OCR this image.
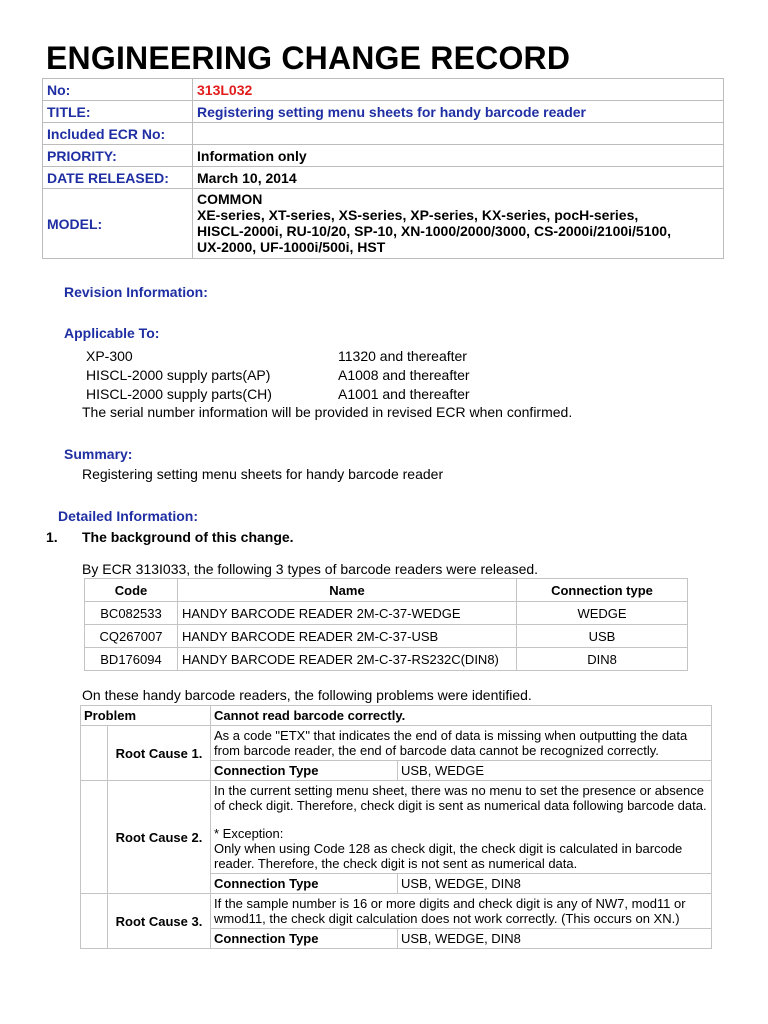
ENGINEERING CHANGE RECORD
No:	313L032
TITLE:	Registering setting menu sheets for handy barcode reader
Included ECR No:	
PRIORITY:	Information only
DATE RELEASED:	March 10, 2014
MODEL:	COMMON
XE-series, XT-series, XS-series, XP-series, KX-series, pocH-series,
HISCL-2000i, RU-10/20, SP-10, XN-1000/2000/3000, CS-2000i/2100i/5100,
UX-2000, UF-1000i/500i, HST
Revision Information:
Applicable To:
XP-300	11320 and thereafter
HISCL-2000 supply parts(AP)	A1008 and thereafter
HISCL-2000 supply parts(CH)	A1001 and thereafter
The serial number information will be provided in revised ECR when confirmed.
Summary:
Registering setting menu sheets for handy barcode reader
Detailed Information:
1. The background of this change.
By ECR 313I033, the following 3 types of barcode readers were released.
Code	Name	Connection type
BC082533	HANDY BARCODE READER 2M-C-37-WEDGE	WEDGE
CQ267007	HANDY BARCODE READER 2M-C-37-USB	USB
BD176094	HANDY BARCODE READER 2M-C-37-RS232C(DIN8)	DIN8
On these handy barcode readers, the following problems were identified.
Problem		Cannot read barcode correctly.	
	Root Cause 1.	As a code "ETX" that indicates the end of data is missing when outputting the data from barcode reader, the end of barcode data cannot be recognized correctly.	
		Connection Type	USB, WEDGE
	Root Cause 2.	In the current setting menu sheet, there was no menu to set the presence or absence of check digit. Therefore, check digit is sent as numerical data following barcode data.
* Exception:
Only when using Code 128 as check digit, the check digit is calculated in barcode reader. Therefore, the check digit is not sent as numerical data.	

		Connection Type	USB, WEDGE, DIN8
	Root Cause 3.	If the sample number is 16 or more digits and check digit is any of NW7, mod11 or wmod11, the check digit calculation does not work correctly. (This occurs on XN.)	
		Connection Type	USB, WEDGE, DIN8
